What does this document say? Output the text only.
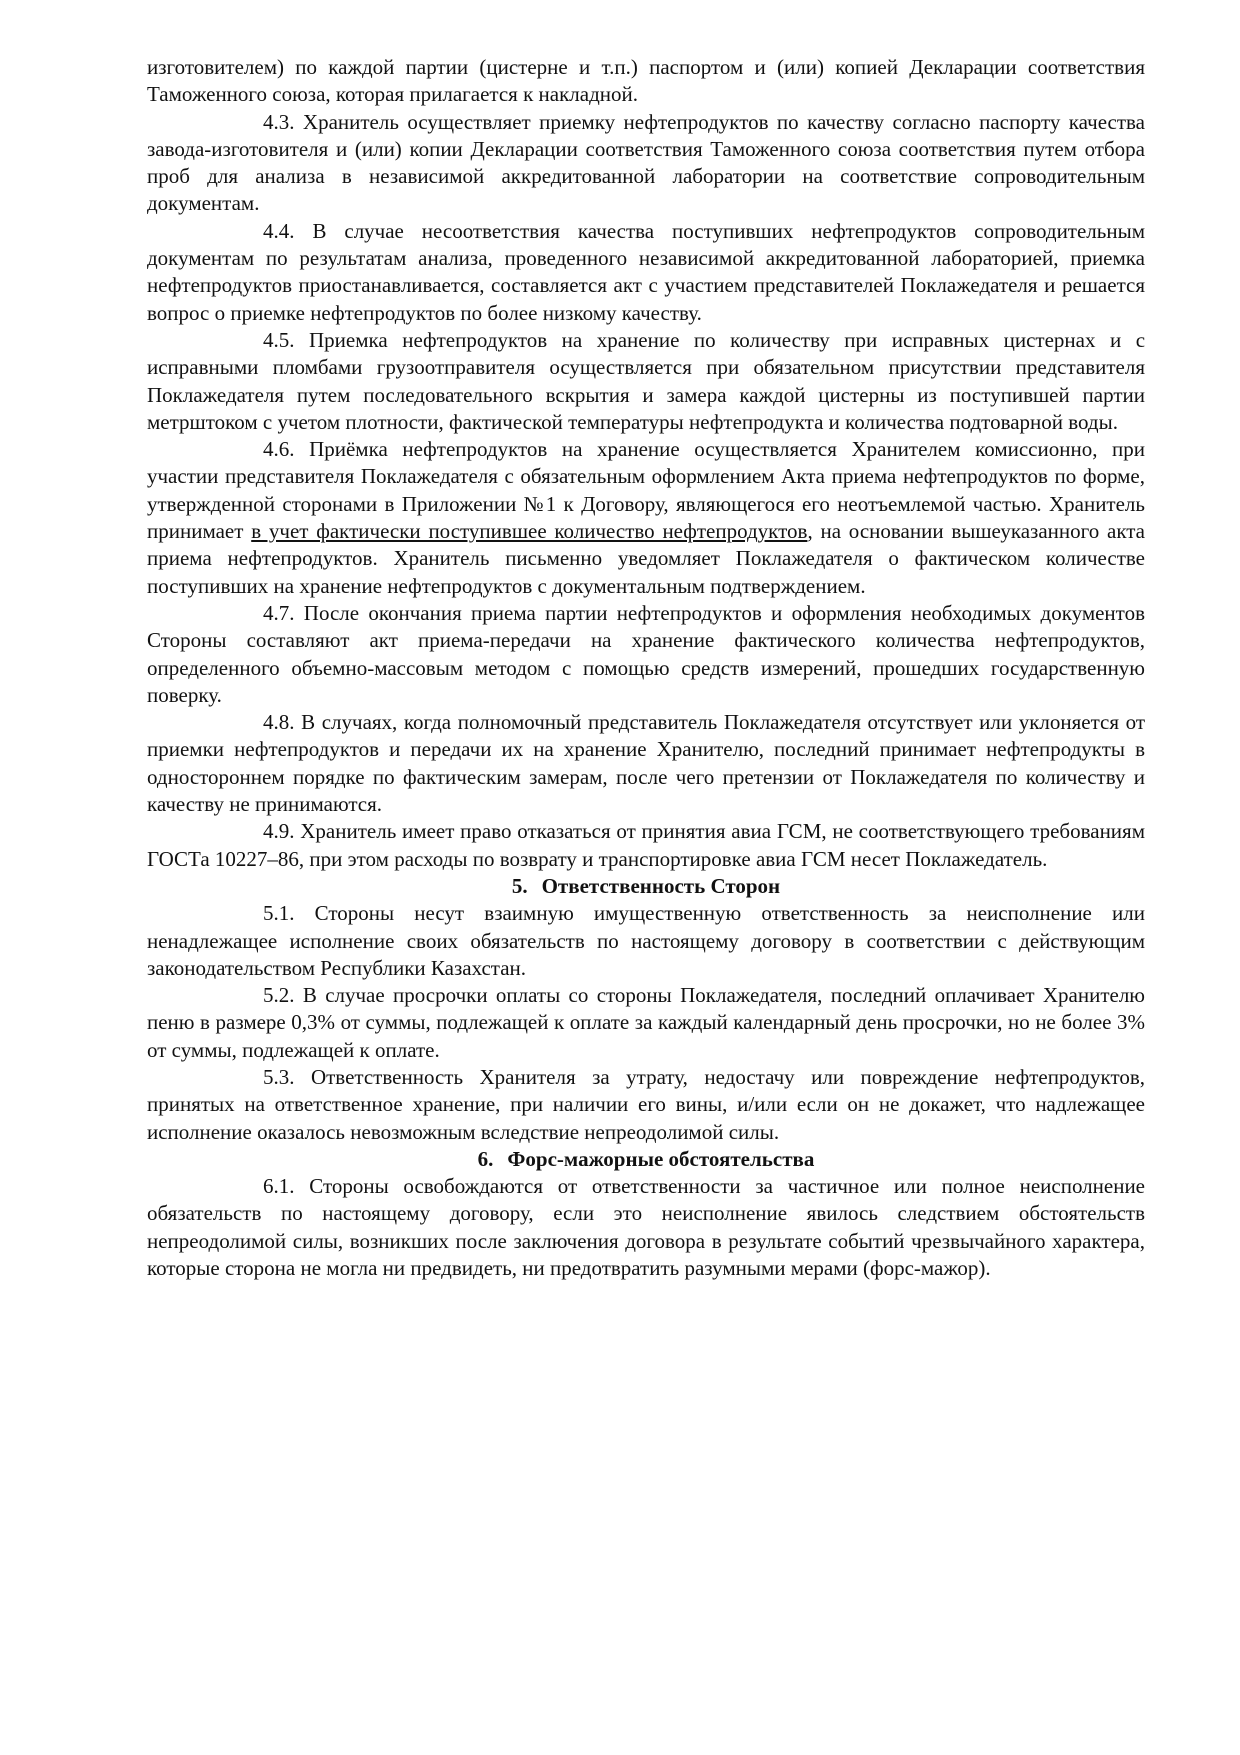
изготовителем) по каждой партии (цистерне и т.п.) паспортом и (или) копией Декларации соответствия Таможенного союза, которая прилагается к накладной.

4.3. Хранитель осуществляет приемку нефтепродуктов по качеству согласно паспорту качества завода-изготовителя и (или) копии Декларации соответствия Таможенного союза соответствия путем отбора проб для анализа в независимой аккредитованной лаборатории на соответствие сопроводительным документам.

4.4. В случае несоответствия качества поступивших нефтепродуктов сопроводительным документам по результатам анализа, проведенного независимой аккредитованной лабораторией, приемка нефтепродуктов приостанавливается, составляется акт с участием представителей Поклажедателя и решается вопрос о приемке нефтепродуктов по более низкому качеству.

4.5. Приемка нефтепродуктов на хранение по количеству при исправных цистернах и с исправными пломбами грузоотправителя осуществляется при обязательном присутствии представителя Поклажедателя путем последовательного вскрытия и замера каждой цистерны из поступившей партии метрштоком с учетом плотности, фактической температуры нефтепродукта и количества подтоварной воды.

4.6. Приёмка нефтепродуктов на хранение осуществляется Хранителем комиссионно, при участии представителя Поклажедателя с обязательным оформлением Акта приема нефтепродуктов по форме, утвержденной сторонами в Приложении №1 к Договору, являющегося его неотъемлемой частью. Хранитель принимает в учет фактически поступившее количество нефтепродуктов, на основании вышеуказанного акта приема нефтепродуктов. Хранитель письменно уведомляет Поклажедателя о фактическом количестве поступивших на хранение нефтепродуктов с документальным подтверждением.

4.7. После окончания приема партии нефтепродуктов и оформления необходимых документов Стороны составляют акт приема-передачи на хранение фактического количества нефтепродуктов, определенного объемно-массовым методом с помощью средств измерений, прошедших государственную поверку.

4.8. В случаях, когда полномочный представитель Поклажедателя отсутствует или уклоняется от приемки нефтепродуктов и передачи их на хранение Хранителю, последний принимает нефтепродукты в одностороннем порядке по фактическим замерам, после чего претензии от Поклажедателя по количеству и качеству не принимаются.

4.9. Хранитель имеет право отказаться от принятия авиа ГСМ, не соответствующего требованиям ГОСТа 10227–86, при этом расходы по возврату и транспортировке авиа ГСМ несет Поклажедатель.

5. Ответственность Сторон

5.1. Стороны несут взаимную имущественную ответственность за неисполнение или ненадлежащее исполнение своих обязательств по настоящему договору в соответствии с действующим законодательством Республики Казахстан.

5.2. В случае просрочки оплаты со стороны Поклажедателя, последний оплачивает Хранителю пеню в размере 0,3% от суммы, подлежащей к оплате за каждый календарный день просрочки, но не более 3% от суммы, подлежащей к оплате.

5.3. Ответственность Хранителя за утрату, недостачу или повреждение нефтепродуктов, принятых на ответственное хранение, при наличии его вины, и/или если он не докажет, что надлежащее исполнение оказалось невозможным вследствие непреодолимой силы.

6. Форс-мажорные обстоятельства

6.1. Стороны освобождаются от ответственности за частичное или полное неисполнение обязательств по настоящему договору, если это неисполнение явилось следствием обстоятельств непреодолимой силы, возникших после заключения договора в результате событий чрезвычайного характера, которые сторона не могла ни предвидеть, ни предотвратить разумными мерами (форс-мажор).
